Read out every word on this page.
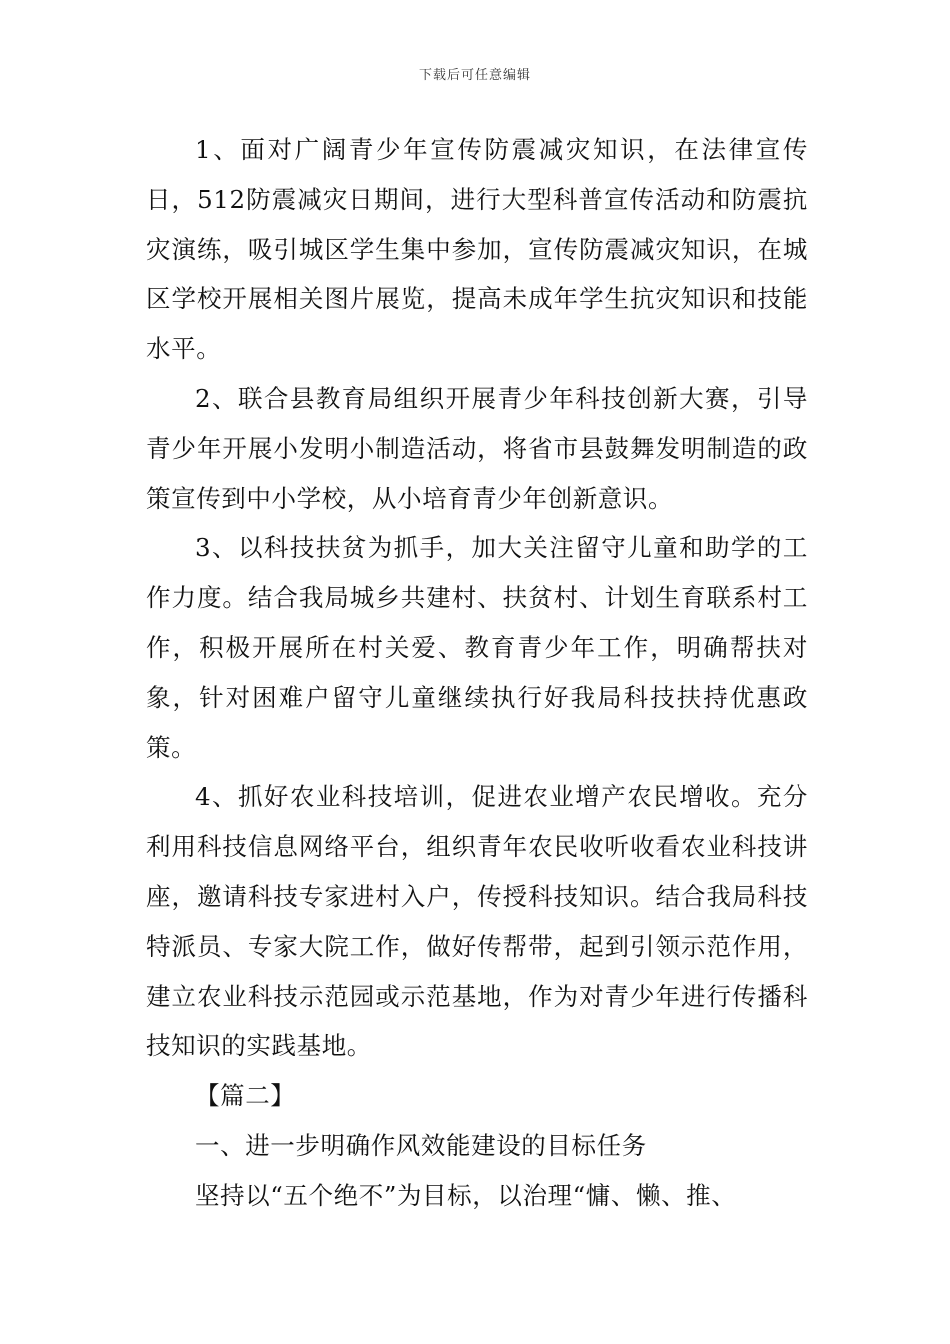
下载后可任意编辑

1、面对广阔青少年宣传防震减灾知识，在法律宣传日，512防震减灾日期间，进行大型科普宣传活动和防震抗灾演练，吸引城区学生集中参加，宣传防震减灾知识，在城区学校开展相关图片展览，提高未成年学生抗灾知识和技能水平。

2、联合县教育局组织开展青少年科技创新大赛，引导青少年开展小发明小制造活动，将省市县鼓舞发明制造的政策宣传到中小学校，从小培育青少年创新意识。

3、以科技扶贫为抓手，加大关注留守儿童和助学的工作力度。结合我局城乡共建村、扶贫村、计划生育联系村工作，积极开展所在村关爱、教育青少年工作，明确帮扶对象，针对困难户留守儿童继续执行好我局科技扶持优惠政策。

4、抓好农业科技培训，促进农业增产农民增收。充分利用科技信息网络平台，组织青年农民收听收看农业科技讲座，邀请科技专家进村入户，传授科技知识。结合我局科技特派员、专家大院工作，做好传帮带，起到引领示范作用，建立农业科技示范园或示范基地，作为对青少年进行传播科技知识的实践基地。

【篇二】

一、进一步明确作风效能建设的目标任务

坚持以“五个绝不”为目标，以治理“慵、懒、推、
